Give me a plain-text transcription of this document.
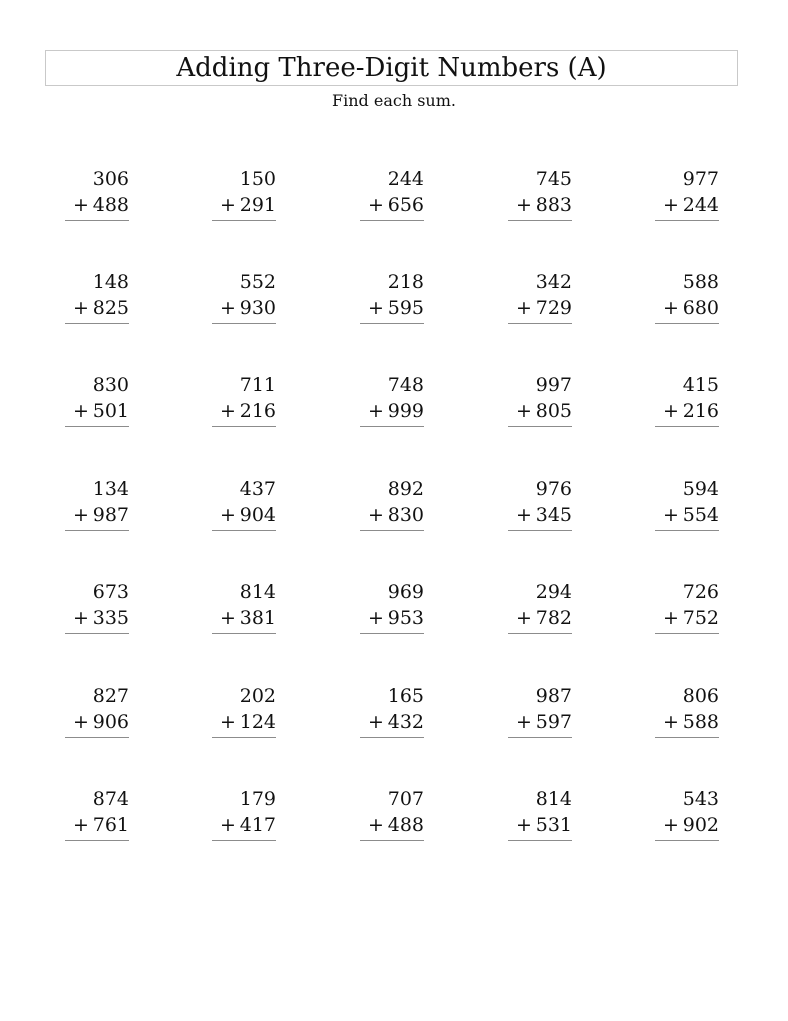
Adding Three-Digit Numbers (A)
Find each sum.
306
+ 488
150
+ 291
244
+ 656
745
+ 883
977
+ 244
148
+ 825
552
+ 930
218
+ 595
342
+ 729
588
+ 680
830
+ 501
711
+ 216
748
+ 999
997
+ 805
415
+ 216
134
+ 987
437
+ 904
892
+ 830
976
+ 345
594
+ 554
673
+ 335
814
+ 381
969
+ 953
294
+ 782
726
+ 752
827
+ 906
202
+ 124
165
+ 432
987
+ 597
806
+ 588
874
+ 761
179
+ 417
707
+ 488
814
+ 531
543
+ 902
